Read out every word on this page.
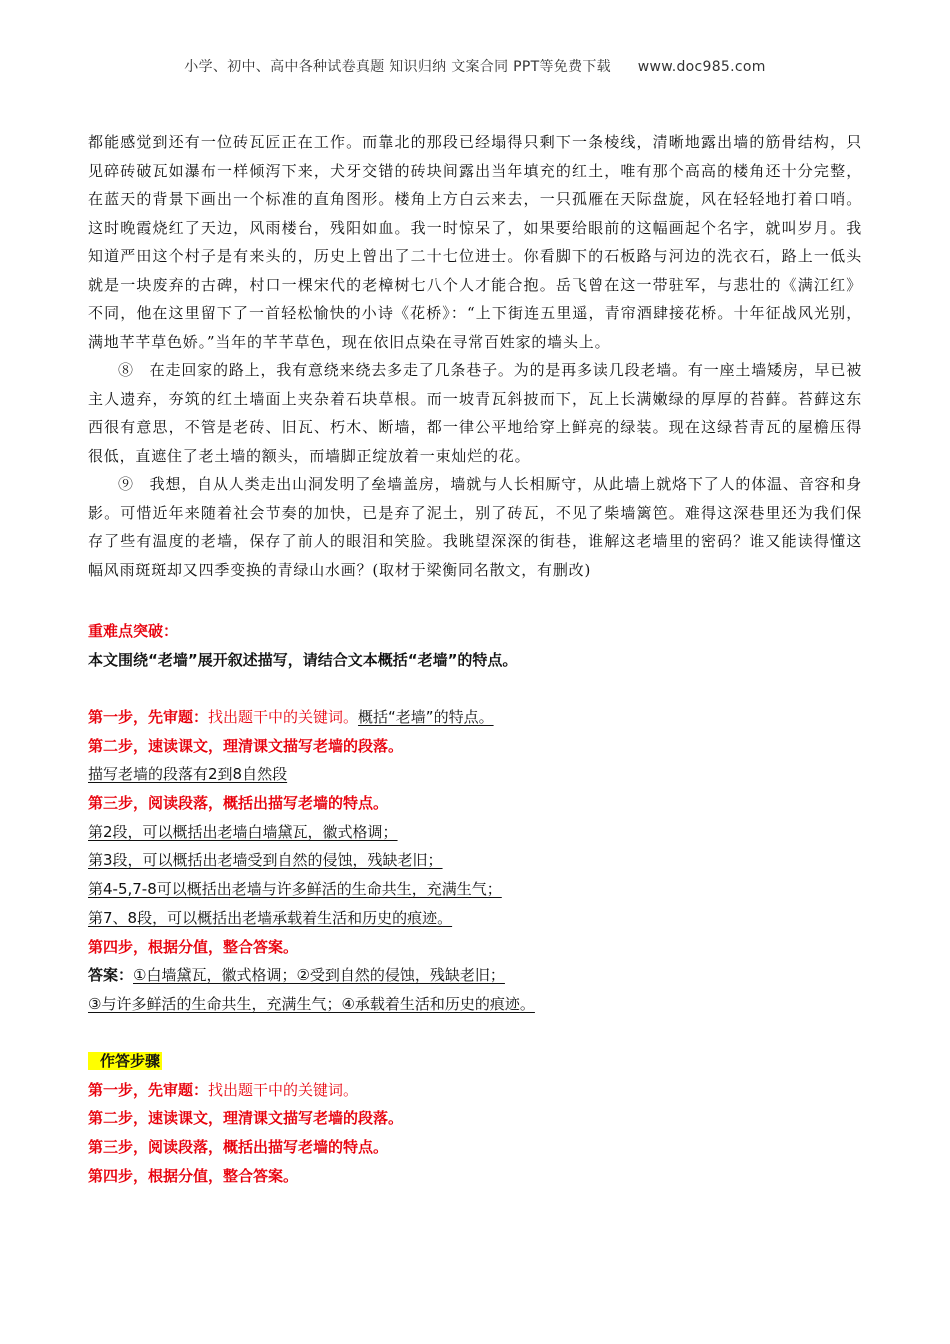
小学、初中、高中各种试卷真题 知识归纳 文案合同 PPT等免费下载 www.doc985.com

都能感觉到还有一位砖瓦匠正在工作。而靠北的那段已经塌得只剩下一条棱线，清晰地露出墙的筋骨结构，只见碎砖破瓦如瀑布一样倾泻下来，犬牙交错的砖块间露出当年填充的红土，唯有那个高高的楼角还十分完整，在蓝天的背景下画出一个标准的直角图形。楼角上方白云来去，一只孤雁在天际盘旋，风在轻轻地打着口哨。这时晚霞烧红了天边，风雨楼台，残阳如血。我一时惊呆了，如果要给眼前的这幅画起个名字，就叫岁月。我知道严田这个村子是有来头的，历史上曾出了二十七位进士。你看脚下的石板路与河边的洗衣石，路上一低头就是一块废弃的古碑，村口一棵宋代的老樟树七八个人才能合抱。岳飞曾在这一带驻军，与悲壮的《满江红》不同，他在这里留下了一首轻松愉快的小诗《花桥》：“上下街连五里遥，青帘酒肆接花桥。十年征战风光别，满地芊芊草色娇。”当年的芊芊草色，现在依旧点染在寻常百姓家的墙头上。

⑧　在走回家的路上，我有意绕来绕去多走了几条巷子。为的是再多读几段老墙。有一座土墙矮房，早已被主人遗弃，夯筑的红土墙面上夹杂着石块草根。而一坡青瓦斜披而下，瓦上长满嫩绿的厚厚的苔藓。苔藓这东西很有意思，不管是老砖、旧瓦、朽木、断墙，都一律公平地给穿上鲜亮的绿装。现在这绿苔青瓦的屋檐压得很低，直遮住了老土墙的额头，而墙脚正绽放着一束灿烂的花。

⑨　我想，自从人类走出山洞发明了垒墙盖房，墙就与人长相厮守，从此墙上就烙下了人的体温、音容和身影。可惜近年来随着社会节奏的加快，已是弃了泥土，别了砖瓦，不见了柴墙篱笆。难得这深巷里还为我们保存了些有温度的老墙，保存了前人的眼泪和笑脸。我眺望深深的街巷，谁解这老墙里的密码？谁又能读得懂这幅风雨斑斑却又四季变换的青绿山水画？(取材于梁衡同名散文，有删改)

重难点突破：
本文围绕“老墙”展开叙述描写，请结合文本概括“老墙”的特点。
第一步，先审题：找出题干中的关键词。概括“老墙”的特点。
第二步，速读课文，理清课文描写老墙的段落。
描写老墙的段落有2到8自然段
第三步，阅读段落，概括出描写老墙的特点。
第2段，可以概括出老墙白墙黛瓦，徽式格调；
第3段，可以概括出老墙受到自然的侵蚀，残缺老旧；
第4-5,7-8可以概括出老墙与许多鲜活的生命共生，充满生气；
第7、8段，可以概括出老墙承载着生活和历史的痕迹。
第四步，根据分值，整合答案。
答案：①白墙黛瓦，徽式格调；②受到自然的侵蚀，残缺老旧；
③与许多鲜活的生命共生，充满生气；④承载着生活和历史的痕迹。
作答步骤
第一步，先审题：找出题干中的关键词。
第二步，速读课文，理清课文描写老墙的段落。
第三步，阅读段落，概括出描写老墙的特点。
第四步，根据分值，整合答案。
